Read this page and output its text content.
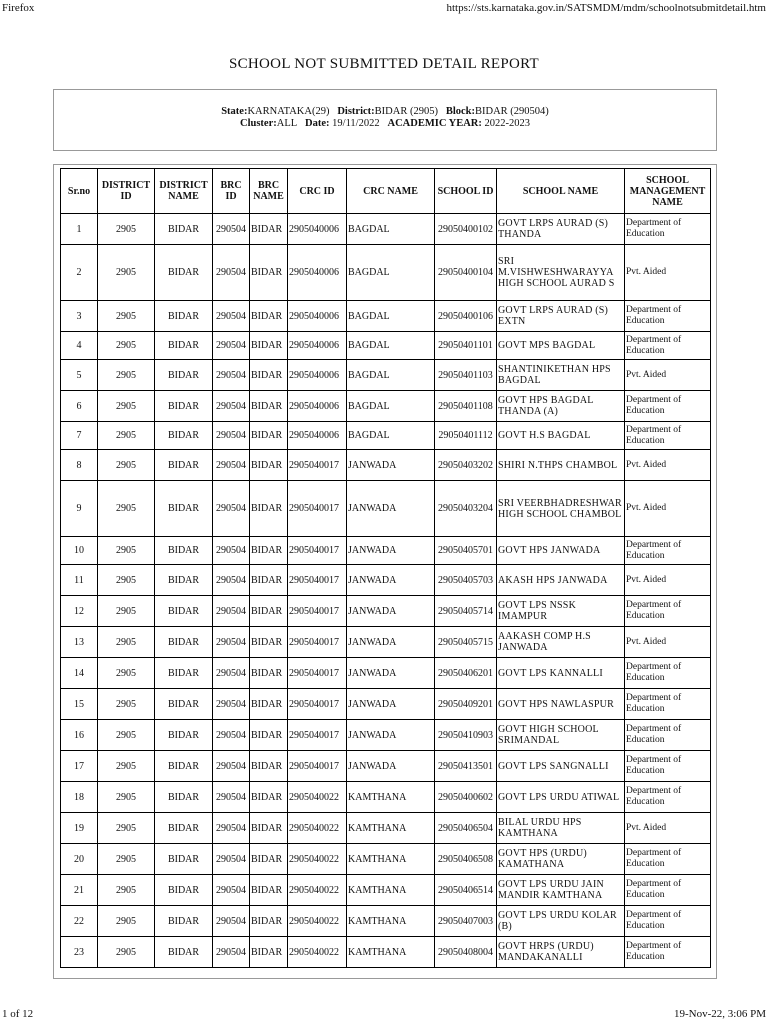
Firefox	https://sts.karnataka.gov.in/SATSMDM/mdm/schoolnotsubmitdetail.htm
SCHOOL NOT SUBMITTED DETAIL REPORT
State:KARNATAKA(29) District:BIDAR (2905) Block:BIDAR (290504)
Cluster:ALL Date: 19/11/2022 ACADEMIC YEAR: 2022-2023
Sr.no	DISTRICT ID	DISTRICT NAME	BRC ID	BRC NAME	CRC ID	CRC NAME	SCHOOL ID	SCHOOL NAME	SCHOOL MANAGEMENT NAME
1	2905	BIDAR	290504	BIDAR	2905040006	BAGDAL	29050400102	GOVT LRPS AURAD (S) THANDA	Department of Education
2	2905	BIDAR	290504	BIDAR	2905040006	BAGDAL	29050400104	SRI M.VISHWESHWARAYYA HIGH SCHOOL AURAD S	Pvt. Aided
3	2905	BIDAR	290504	BIDAR	2905040006	BAGDAL	29050400106	GOVT LRPS AURAD (S) EXTN	Department of Education
4	2905	BIDAR	290504	BIDAR	2905040006	BAGDAL	29050401101	GOVT MPS BAGDAL	Department of Education
5	2905	BIDAR	290504	BIDAR	2905040006	BAGDAL	29050401103	SHANTINIKETHAN HPS BAGDAL	Pvt. Aided
6	2905	BIDAR	290504	BIDAR	2905040006	BAGDAL	29050401108	GOVT HPS BAGDAL THANDA (A)	Department of Education
7	2905	BIDAR	290504	BIDAR	2905040006	BAGDAL	29050401112	GOVT H.S BAGDAL	Department of Education
8	2905	BIDAR	290504	BIDAR	2905040017	JANWADA	29050403202	SHIRI N.THPS CHAMBOL	Pvt. Aided
9	2905	BIDAR	290504	BIDAR	2905040017	JANWADA	29050403204	SRI VEERBHADRESHWAR HIGH SCHOOL CHAMBOL	Pvt. Aided
10	2905	BIDAR	290504	BIDAR	2905040017	JANWADA	29050405701	GOVT HPS JANWADA	Department of Education
11	2905	BIDAR	290504	BIDAR	2905040017	JANWADA	29050405703	AKASH HPS JANWADA	Pvt. Aided
12	2905	BIDAR	290504	BIDAR	2905040017	JANWADA	29050405714	GOVT LPS NSSK IMAMPUR	Department of Education
13	2905	BIDAR	290504	BIDAR	2905040017	JANWADA	29050405715	AAKASH COMP H.S JANWADA	Pvt. Aided
14	2905	BIDAR	290504	BIDAR	2905040017	JANWADA	29050406201	GOVT LPS KANNALLI	Department of Education
15	2905	BIDAR	290504	BIDAR	2905040017	JANWADA	29050409201	GOVT HPS NAWLASPUR	Department of Education
16	2905	BIDAR	290504	BIDAR	2905040017	JANWADA	29050410903	GOVT HIGH SCHOOL SRIMANDAL	Department of Education
17	2905	BIDAR	290504	BIDAR	2905040017	JANWADA	29050413501	GOVT LPS SANGNALLI	Department of Education
18	2905	BIDAR	290504	BIDAR	2905040022	KAMTHANA	29050400602	GOVT LPS URDU ATIWAL	Department of Education
19	2905	BIDAR	290504	BIDAR	2905040022	KAMTHANA	29050406504	BILAL URDU HPS KAMTHANA	Pvt. Aided
20	2905	BIDAR	290504	BIDAR	2905040022	KAMTHANA	29050406508	GOVT HPS (URDU) KAMATHANA	Department of Education
21	2905	BIDAR	290504	BIDAR	2905040022	KAMTHANA	29050406514	GOVT LPS URDU JAIN MANDIR KAMTHANA	Department of Education
22	2905	BIDAR	290504	BIDAR	2905040022	KAMTHANA	29050407003	GOVT LPS URDU KOLAR (B)	Department of Education
23	2905	BIDAR	290504	BIDAR	2905040022	KAMTHANA	29050408004	GOVT HRPS (URDU) MANDAKANALLI	Department of Education
1 of 12	19-Nov-22, 3:06 PM
